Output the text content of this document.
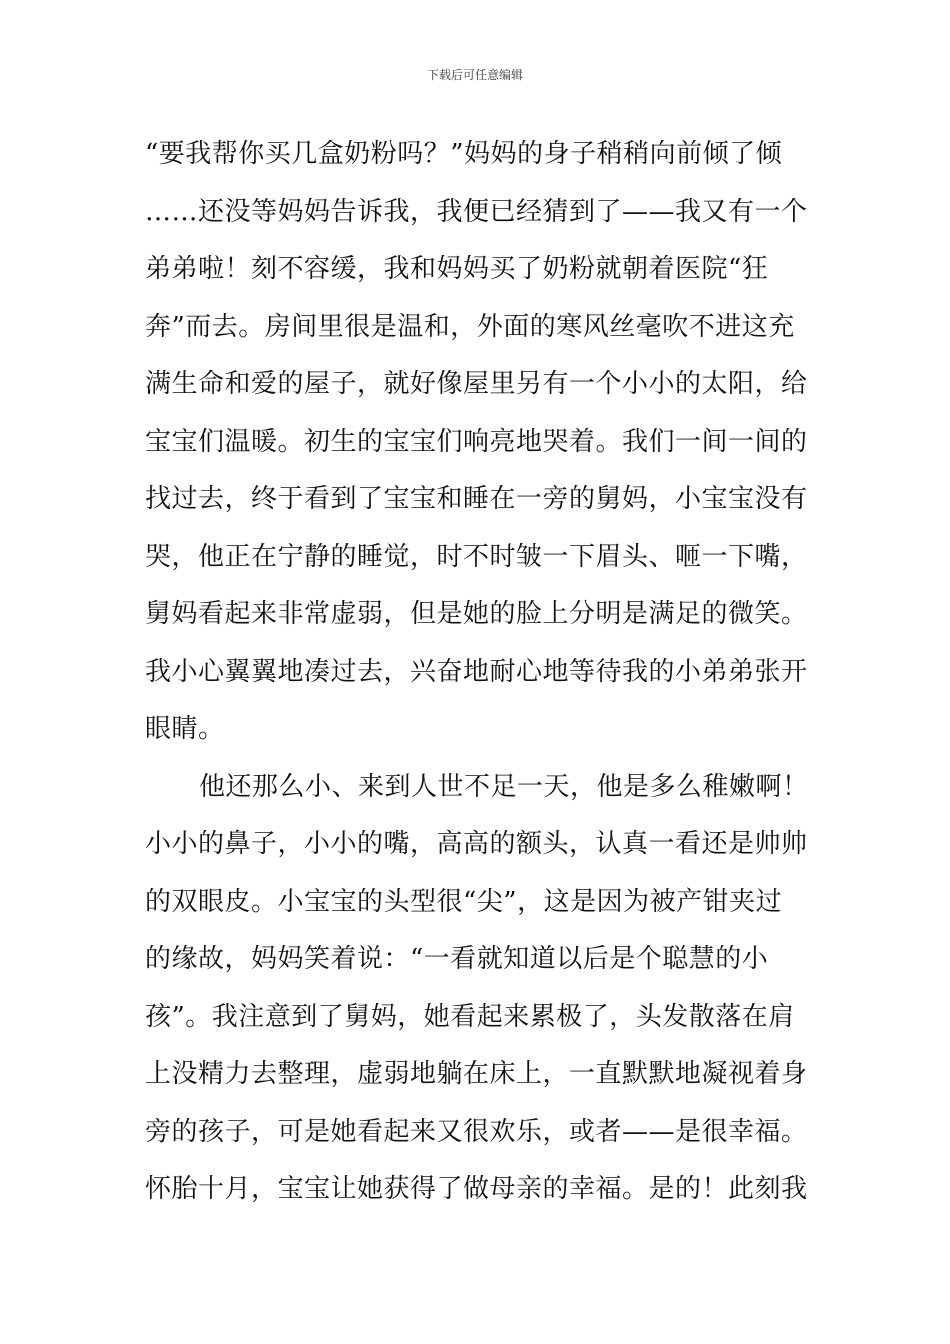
下载后可任意编辑
“要我帮你买几盒奶粉吗？”妈妈的身子稍稍向前倾了倾
……还没等妈妈告诉我，我便已经猜到了——我又有一个
弟弟啦！刻不容缓，我和妈妈买了奶粉就朝着医院“狂
奔”而去。房间里很是温和，外面的寒风丝毫吹不进这充
满生命和爱的屋子，就好像屋里另有一个小小的太阳，给
宝宝们温暖。初生的宝宝们响亮地哭着。我们一间一间的
找过去，终于看到了宝宝和睡在一旁的舅妈，小宝宝没有
哭，他正在宁静的睡觉，时不时皱一下眉头、咂一下嘴，
舅妈看起来非常虚弱，但是她的脸上分明是满足的微笑。
我小心翼翼地凑过去，兴奋地耐心地等待我的小弟弟张开
眼睛。
他还那么小、来到人世不足一天，他是多么稚嫩啊！
小小的鼻子，小小的嘴，高高的额头，认真一看还是帅帅
的双眼皮。小宝宝的头型很“尖”，这是因为被产钳夹过
的缘故，妈妈笑着说：“一看就知道以后是个聪慧的小
孩”。我注意到了舅妈，她看起来累极了，头发散落在肩
上没精力去整理，虚弱地躺在床上，一直默默地凝视着身
旁的孩子，可是她看起来又很欢乐，或者——是很幸福。
怀胎十月，宝宝让她获得了做母亲的幸福。是的！此刻我
